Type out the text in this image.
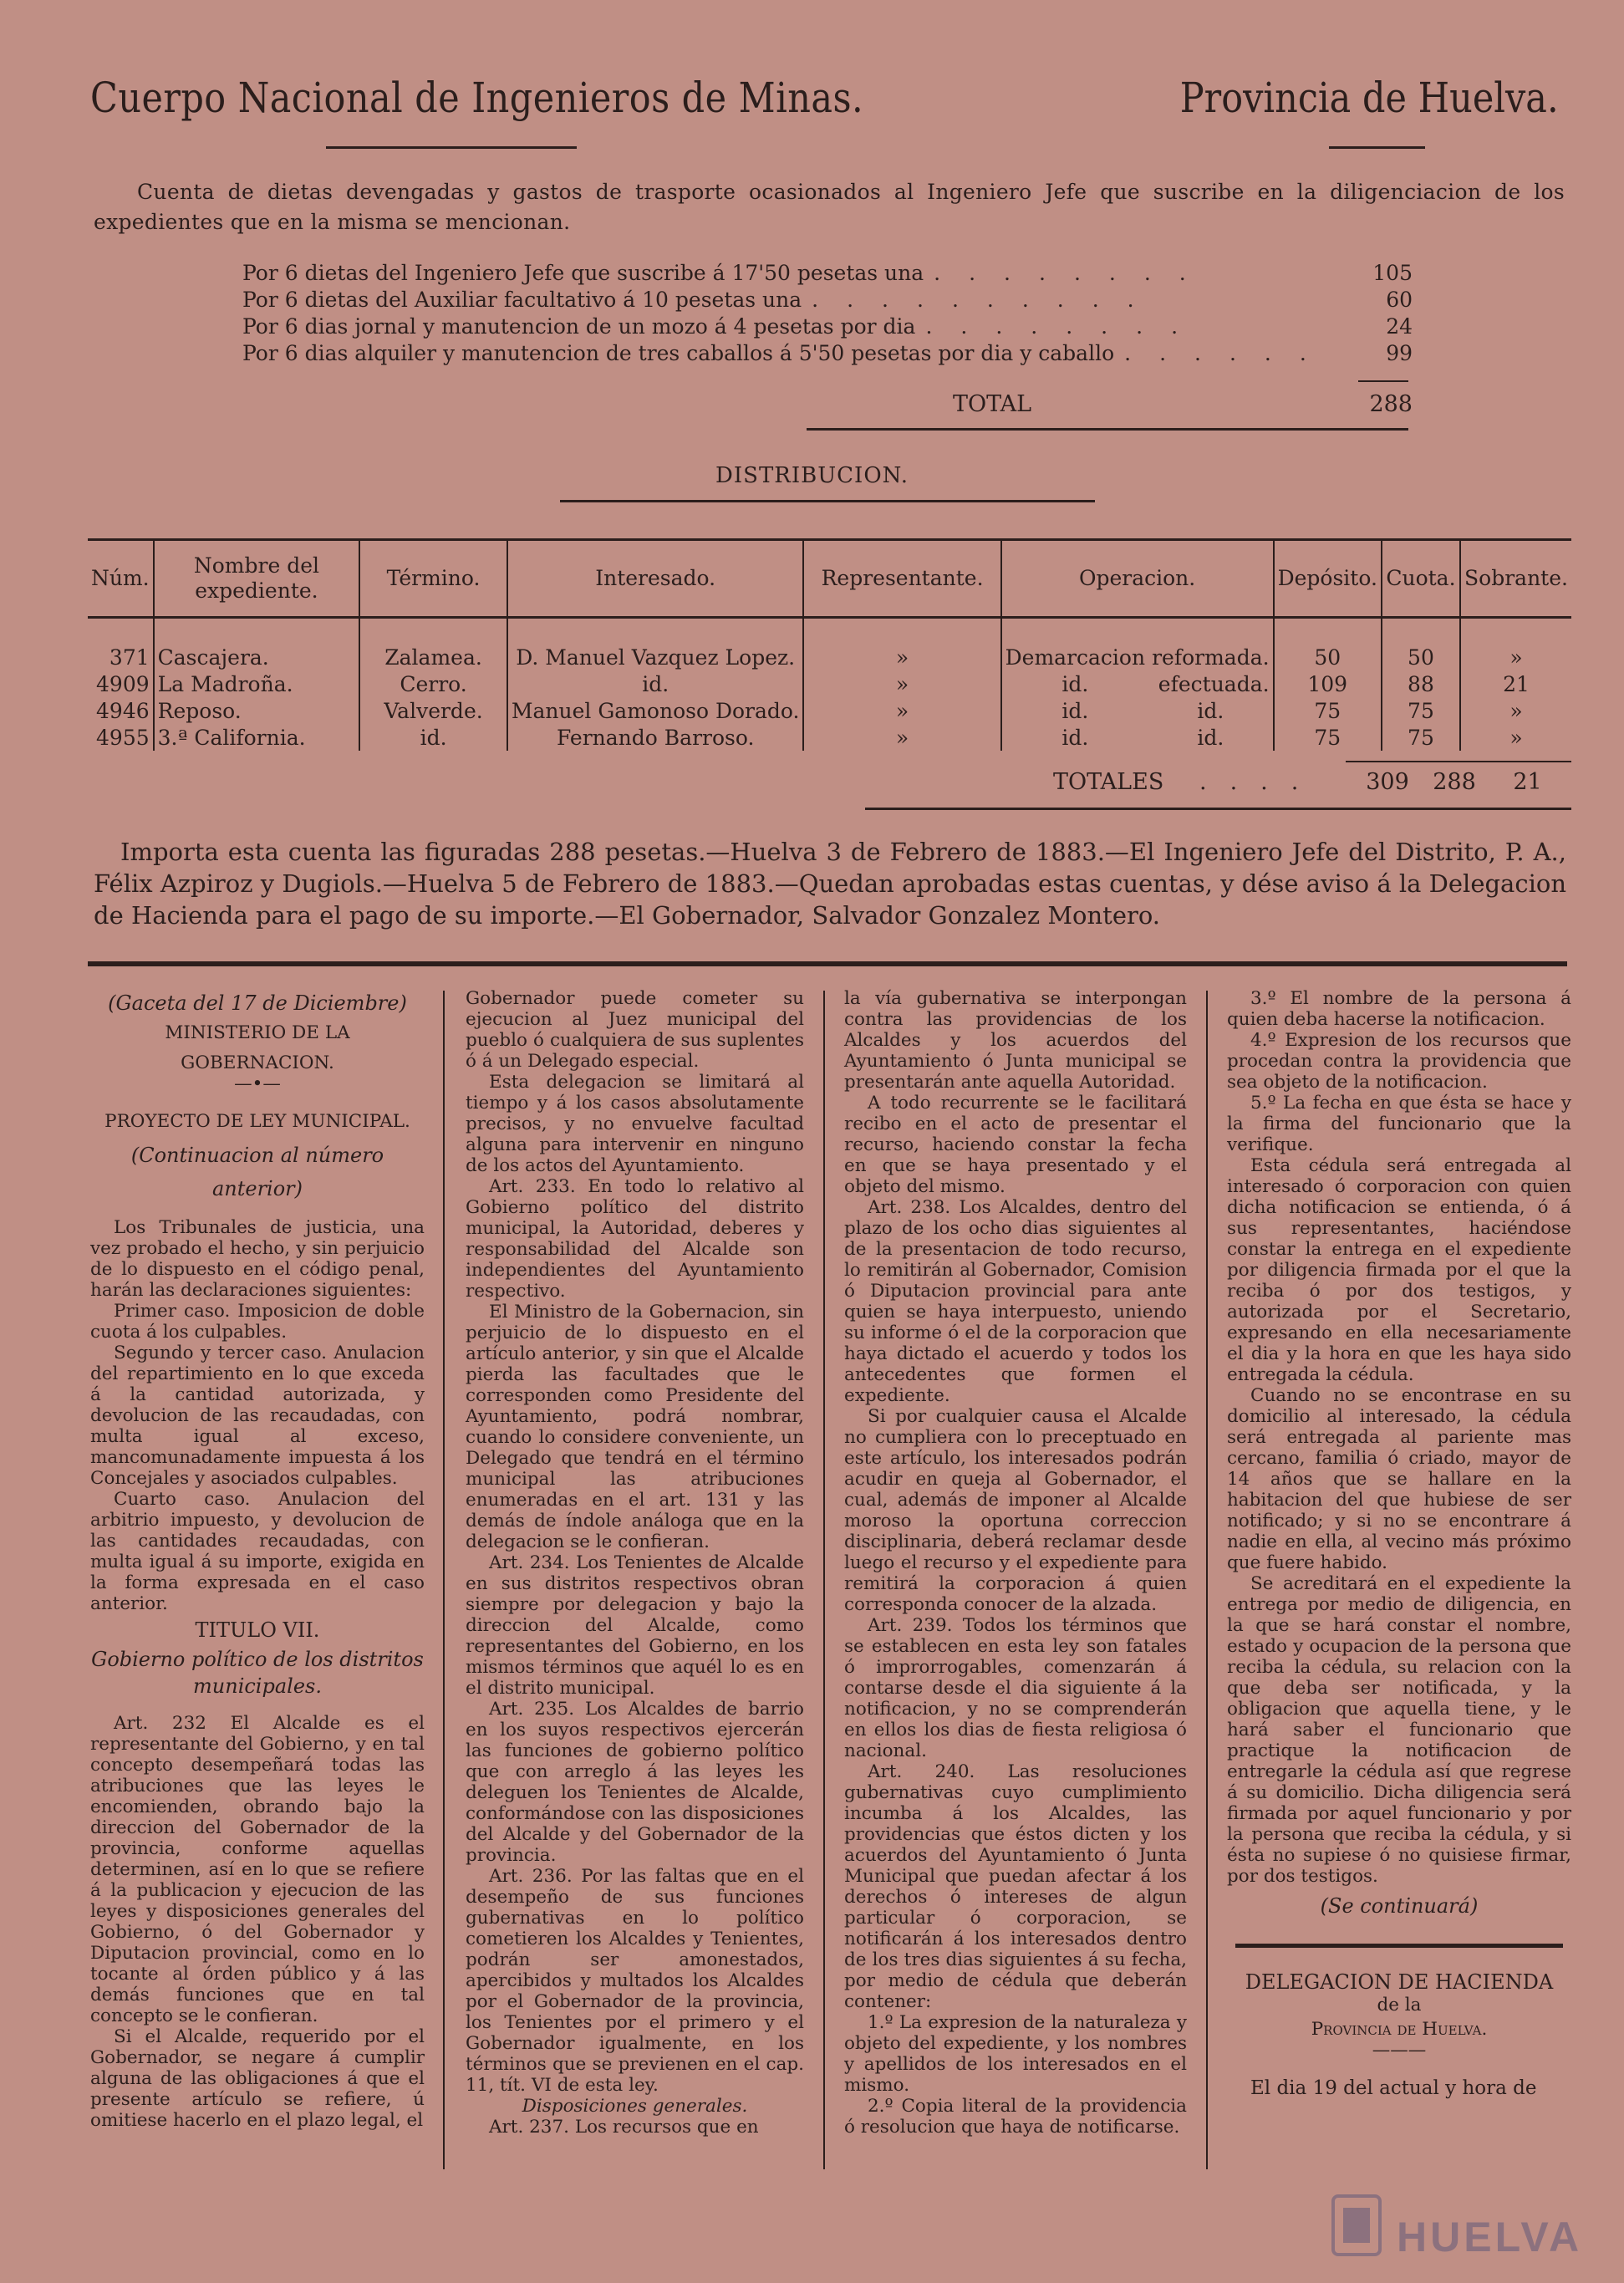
Cuerpo Nacional de Ingenieros de Minas.	Provincia de Huelva.
Cuenta de dietas devengadas y gastos de trasporte ocasionados al Ingeniero Jefe que suscribe en la diligenciacion de los expedientes que en la misma se mencionan.
Por 6 dietas del Ingeniero Jefe que suscribe á 17'50 pesetas una ........	105
Por 6 dietas del Auxiliar facultativo á 10 pesetas una ..........	60
Por 6 dias jornal y manutencion de un mozo á 4 pesetas por dia ........	24
Por 6 dias alquiler y manutencion de tres caballos á 5'50 pesetas por dia y caballo ......	99
TOTAL	288
DISTRIBUCION.
Núm.	Nombre del expediente.	Término.	Interesado.	Representante.	Operacion.		Depósito.	Cuota.	Sobrante.

371	Cascajera.	Zalamea.	D. Manuel Vazquez Lopez.	»	Demarcacion	reformada.	50	50	»
4909	La Madroña.	Cerro.	id.	»	id.	efectuada.	109	88	21
4946	Reposo.	Valverde.	Manuel Gamonoso Dorado.	»	id.	id.	75	75	»
4955	3.ª California.	id.	Fernando Barroso.	»	id.	id.	75	75	»
TOTALES ....	309	288	21
Importa esta cuenta las figuradas 288 pesetas.—Huelva 3 de Febrero de 1883.—El Ingeniero Jefe del Distrito, P. A., Félix Azpiroz y Dugiols.—Huelva 5 de Febrero de 1883.—Quedan aprobadas estas cuentas, y dése aviso á la Delegacion de Hacienda para el pago de su importe.—El Gobernador, Salvador Gonzalez Montero.

(Gaceta del 17 de Diciembre)

MINISTERIO DE LA GOBERNACION.

—•—

PROYECTO DE LEY MUNICIPAL.

(Continuacion al número anterior)

Los Tribunales de justicia, una vez probado el hecho, y sin perjuicio de lo dispuesto en el código penal, harán las declaraciones siguientes:

Primer caso. Imposicion de doble cuota á los culpables.

Segundo y tercer caso. Anulacion del repartimiento en lo que exceda á la cantidad autorizada, y devolucion de las recaudadas, con multa igual al exceso, mancomunadamente impuesta á los Concejales y asociados culpables.

Cuarto caso. Anulacion del arbitrio impuesto, y devolucion de las cantidades recaudadas, con multa igual á su importe, exigida en la forma expresada en el caso anterior.

TITULO VII.

Gobierno político de los distritos municipales.

Art. 232 El Alcalde es el representante del Gobierno, y en tal concepto desempeñará todas las atribuciones que las leyes le encomienden, obrando bajo la direccion del Gobernador de la provincia, conforme aquellas determinen, así en lo que se refiere á la publicacion y ejecucion de las leyes y disposiciones generales del Gobierno, ó del Gobernador y Diputacion provincial, como en lo tocante al órden público y á las demás funciones que en tal concepto se le confieran.

Si el Alcalde, requerido por el Gobernador, se negare á cumplir alguna de las obligaciones á que el presente artículo se refiere, ú omitiese hacerlo en el plazo legal, el

Gobernador puede cometer su ejecucion al Juez municipal del pueblo ó cualquiera de sus suplentes ó á un Delegado especial.

Esta delegacion se limitará al tiempo y á los casos absolutamente precisos, y no envuelve facultad alguna para intervenir en ninguno de los actos del Ayuntamiento.

Art. 233. En todo lo relativo al Gobierno político del distrito municipal, la Autoridad, deberes y responsabilidad del Alcalde son independientes del Ayuntamiento respectivo.

El Ministro de la Gobernacion, sin perjuicio de lo dispuesto en el artículo anterior, y sin que el Alcalde pierda las facultades que le corresponden como Presidente del Ayuntamiento, podrá nombrar, cuando lo considere conveniente, un Delegado que tendrá en el término municipal las atribuciones enumeradas en el art. 131 y las demás de índole análoga que en la delegacion se le confieran.

Art. 234. Los Tenientes de Alcalde en sus distritos respectivos obran siempre por delegacion y bajo la direccion del Alcalde, como representantes del Gobierno, en los mismos términos que aquél lo es en el distrito municipal.

Art. 235. Los Alcaldes de barrio en los suyos respectivos ejercerán las funciones de gobierno político que con arreglo á las leyes les deleguen los Tenientes de Alcalde, conformándose con las disposiciones del Alcalde y del Gobernador de la provincia.

Art. 236. Por las faltas que en el desempeño de sus funciones gubernativas en lo político cometieren los Alcaldes y Tenientes, podrán ser amonestados, apercibidos y multados los Alcaldes por el Gobernador de la provincia, los Tenientes por el primero y el Gobernador igualmente, en los términos que se previenen en el cap. 11, tít. VI de esta ley.

Disposiciones generales.

Art. 237. Los recursos que en

la vía gubernativa se interpongan contra las providencias de los Alcaldes y los acuerdos del Ayuntamiento ó Junta municipal se presentarán ante aquella Autoridad.

A todo recurrente se le facilitará recibo en el acto de presentar el recurso, haciendo constar la fecha en que se haya presentado y el objeto del mismo.

Art. 238. Los Alcaldes, dentro del plazo de los ocho dias siguientes al de la presentacion de todo recurso, lo remitirán al Gobernador, Comision ó Diputacion provincial para ante quien se haya interpuesto, uniendo su informe ó el de la corporacion que haya dictado el acuerdo y todos los antecedentes que formen el expediente.

Si por cualquier causa el Alcalde no cumpliera con lo preceptuado en este artículo, los interesados podrán acudir en queja al Gobernador, el cual, además de imponer al Alcalde moroso la oportuna correccion disciplinaria, deberá reclamar desde luego el recurso y el expediente para remitirá la corporacion á quien corresponda conocer de la alzada.

Art. 239. Todos los términos que se establecen en esta ley son fatales ó improrrogables, comenzarán á contarse desde el dia siguiente á la notificacion, y no se comprenderán en ellos los dias de fiesta religiosa ó nacional.

Art. 240. Las resoluciones gubernativas cuyo cumplimiento incumba á los Alcaldes, las providencias que éstos dicten y los acuerdos del Ayuntamiento ó Junta Municipal que puedan afectar á los derechos ó intereses de algun particular ó corporacion, se notificarán á los interesados dentro de los tres dias siguientes á su fecha, por medio de cédula que deberán contener:

1.º La expresion de la naturaleza y objeto del expediente, y los nombres y apellidos de los interesados en el mismo.

2.º Copia literal de la providencia ó resolucion que haya de notificarse.

3.º El nombre de la persona á quien deba hacerse la notificacion.

4.º Expresion de los recursos que procedan contra la providencia que sea objeto de la notificacion.

5.º La fecha en que ésta se hace y la firma del funcionario que la verifique.

Esta cédula será entregada al interesado ó corporacion con quien dicha notificacion se entienda, ó á sus representantes, haciéndose constar la entrega en el expediente por diligencia firmada por el que la reciba ó por dos testigos, y autorizada por el Secretario, expresando en ella necesariamente el dia y la hora en que les haya sido entregada la cédula.

Cuando no se encontrase en su domicilio al interesado, la cédula será entregada al pariente mas cercano, familia ó criado, mayor de 14 años que se hallare en la habitacion del que hubiese de ser notificado; y si no se encontrare á nadie en ella, al vecino más próximo que fuere habido.

Se acreditará en el expediente la entrega por medio de diligencia, en la que se hará constar el nombre, estado y ocupacion de la persona que reciba la cédula, su relacion con la que deba ser notificada, y la obligacion que aquella tiene, y le hará saber el funcionario que practique la notificacion de entregarle la cédula así que regrese á su domicilio. Dicha diligencia será firmada por aquel funcionario y por la persona que reciba la cédula, y si ésta no supiese ó no quisiese firmar, por dos testigos.

(Se continuará)

DELEGACION DE HACIENDA

de la

Provincia de Huelva.

———

El dia 19 del actual y hora de

HUELVA
